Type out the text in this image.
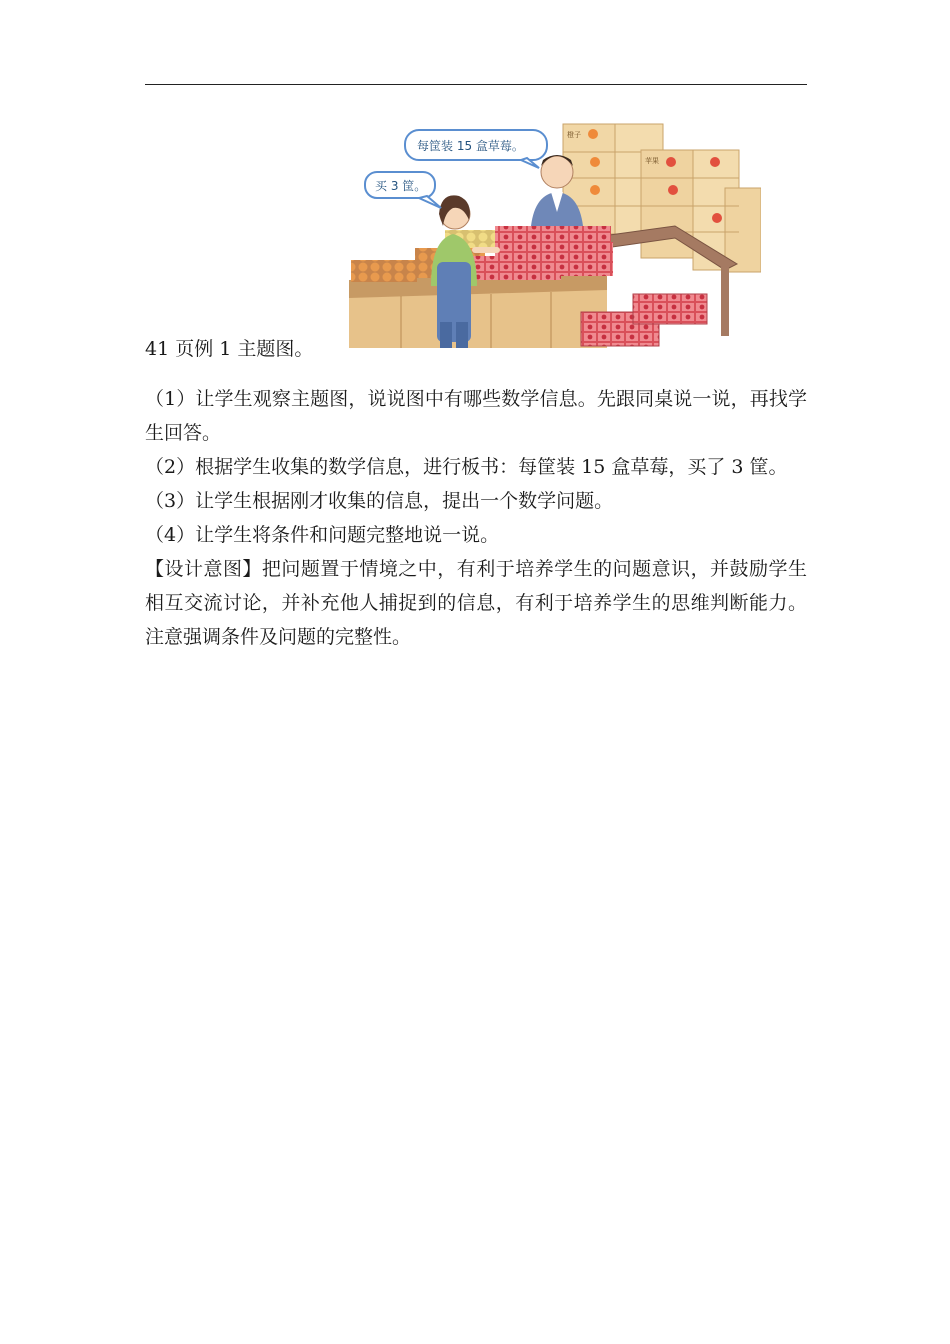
橙子
苹果
每筐装 15 盒草莓。
买 3 筐。
41 页例 1 主题图。

（1）让学生观察主题图，说说图中有哪些数学信息。先跟同桌说一说，再找学生回答。

（2）根据学生收集的数学信息，进行板书：每筐装 15 盒草莓，买了 3 筐。

（3）让学生根据刚才收集的信息，提出一个数学问题。

（4）让学生将条件和问题完整地说一说。

【设计意图】把问题置于情境之中，有利于培养学生的问题意识，并鼓励学生相互交流讨论，并补充他人捕捉到的信息，有利于培养学生的思维判断能力。注意强调条件及问题的完整性。
